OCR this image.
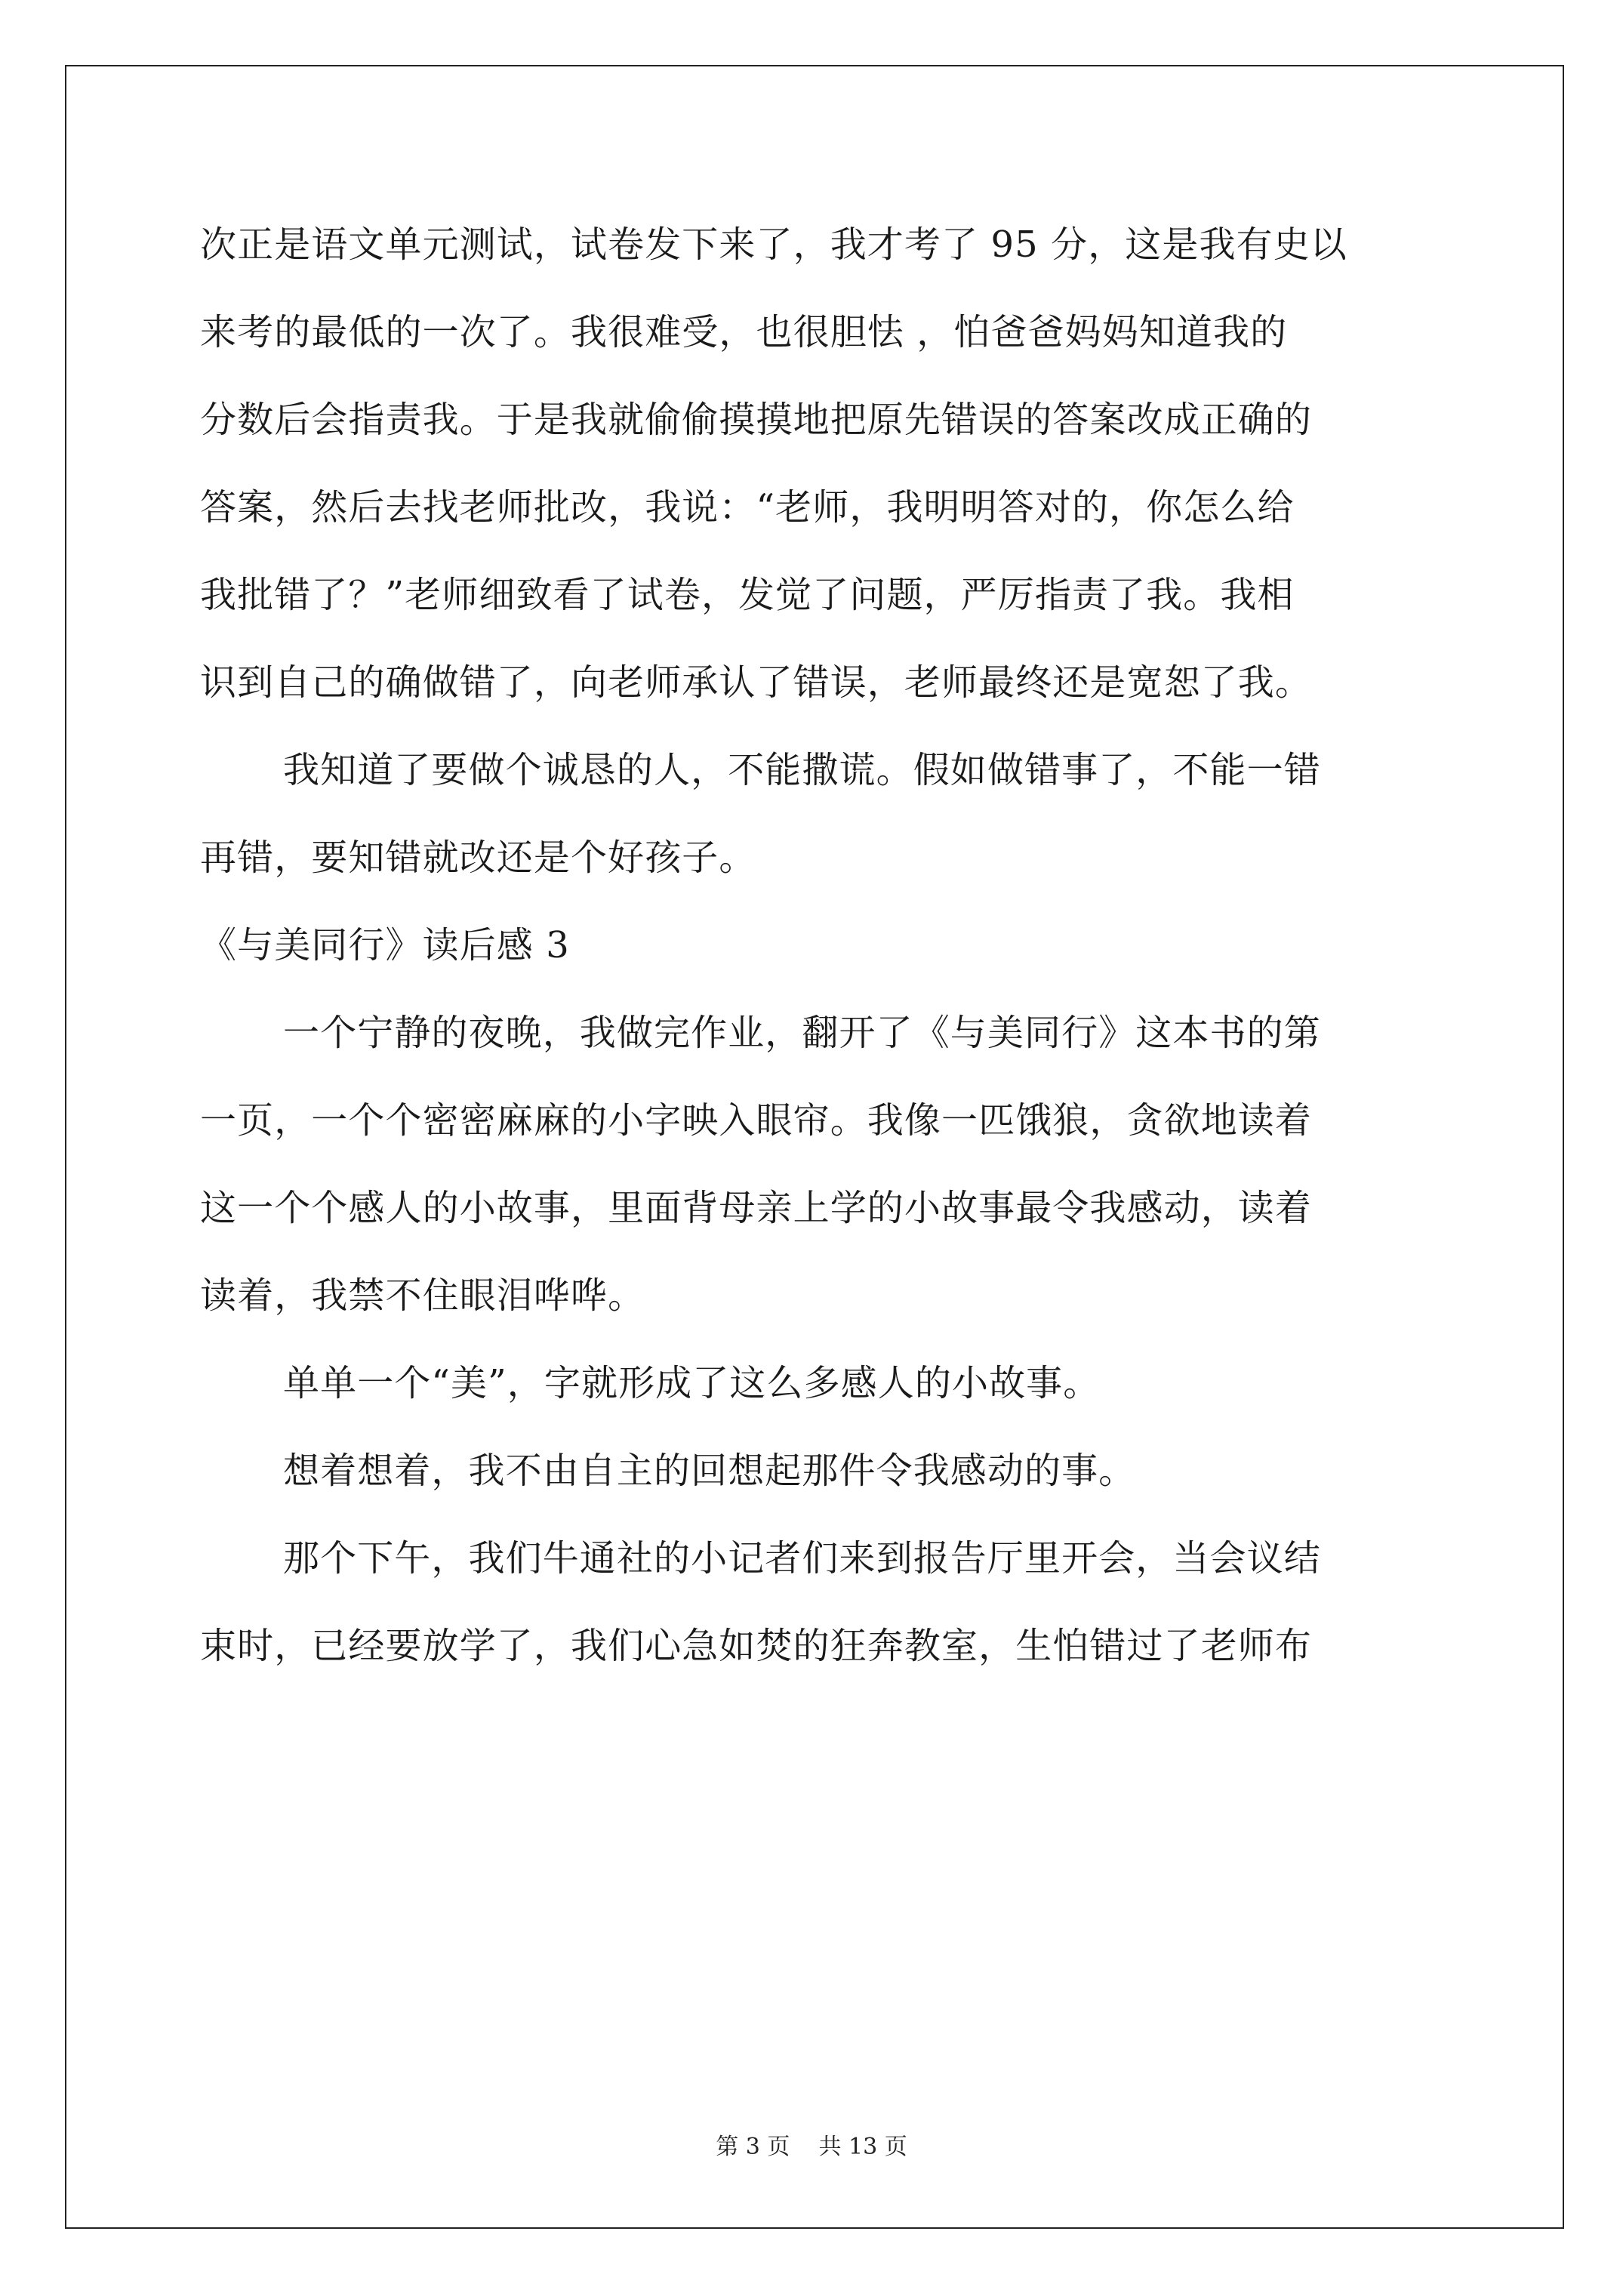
次正是语文单元测试，试卷发下来了，我才考了 95 分，这是我有史以
来考的最低的一次了。我很难受，也很胆怯 ，怕爸爸妈妈知道我的
分数后会指责我。于是我就偷偷摸摸地把原先错误的答案改成正确的
答案，然后去找老师批改，我说：“老师，我明明答对的，你怎么给
我批错了？”老师细致看了试卷，发觉了问题，严厉指责了我。我相
识到自己的确做错了，向老师承认了错误，老师最终还是宽恕了我。
我知道了要做个诚恳的人，不能撒谎。假如做错事了，不能一错
再错，要知错就改还是个好孩子。
《与美同行》读后感 3
一个宁静的夜晚，我做完作业，翻开了《与美同行》这本书的第
一页，一个个密密麻麻的小字映入眼帘。我像一匹饿狼，贪欲地读着
这一个个感人的小故事，里面背母亲上学的小故事最令我感动，读着
读着，我禁不住眼泪哗哗。
单单一个“美”，字就形成了这么多感人的小故事。
想着想着，我不由自主的回想起那件令我感动的事。
那个下午，我们牛通社的小记者们来到报告厅里开会，当会议结
束时，已经要放学了，我们心急如焚的狂奔教室，生怕错过了老师布
第 3 页    共 13 页
